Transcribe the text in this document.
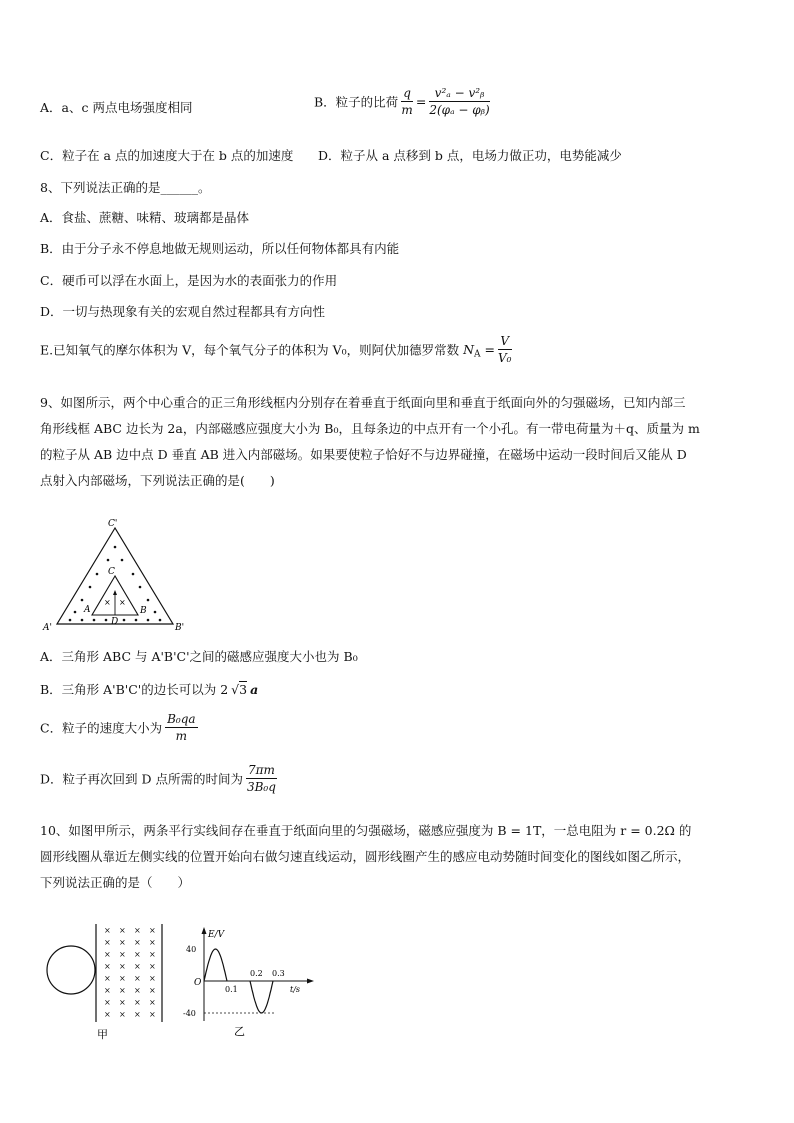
A．a、c 两点电场强度相同	B．粒子的比荷 $\frac{q}{m} = \frac{\text{v²ₐ − v²ᵦ}}{\text{2(φₐ − φᵦ)}}$
C．粒子在 a 点的加速度大于在 b 点的加速度 D．粒子从 a 点移到 b 点，电场力做正功，电势能减少
8、下列说法正确的是______。
A．食盐、蔗糖、味精、玻璃都是晶体
B．由于分子永不停息地做无规则运动，所以任何物体都具有内能
C．硬币可以浮在水面上，是因为水的表面张力的作用
D．一切与热现象有关的宏观自然过程都具有方向性
E.已知氧气的摩尔体积为 V，每个氧气分子的体积为 V₀，则阿伏加德罗常数 $N_A = \frac{V}{\text{V₀}}$
9、如图所示，两个中心重合的正三角形线框内分别存在着垂直于纸面向里和垂直于纸面向外的匀强磁场，已知内部三
角形线框 ABC 边长为 2a，内部磁感应强度大小为 B₀，且每条边的中点开有一个小孔。有一带电荷量为＋q、质量为 m
的粒子从 AB 边中点 D 垂直 AB 进入内部磁场。如果要使粒子恰好不与边界碰撞，在磁场中运动一段时间后又能从 D
点射入内部磁场，下列说法正确的是(　　)
× ×
C'
A'	B'
C
A	B
D
A．三角形 ABC 与 A'B'C'之间的磁感应强度大小也为 B₀
B．三角形 A'B'C'的边长可以为 2 √3 a
C．粒子的速度大小为 $\frac{\text{B₀qa}}{m}$
D．粒子再次回到 D 点所需的时间为 $\frac{7\pi m}{\text{3B₀q}}$
10、如图甲所示，两条平行实线间存在垂直于纸面向里的匀强磁场，磁感应强度为 B = 1T，一总电阻为 r = 0.2Ω 的
圆形线圈从靠近左侧实线的位置开始向右做匀速直线运动，圆形线圈产生的感应电动势随时间变化的图线如图乙所示，
下列说法正确的是（　　）
× × × ×
× × × ×
× × × ×
× × × ×
× × × ×
× × × ×
× × × ×
× × × ×
甲
E/V
t/s
O
40
-40
0.1
0.2 0.3
乙
